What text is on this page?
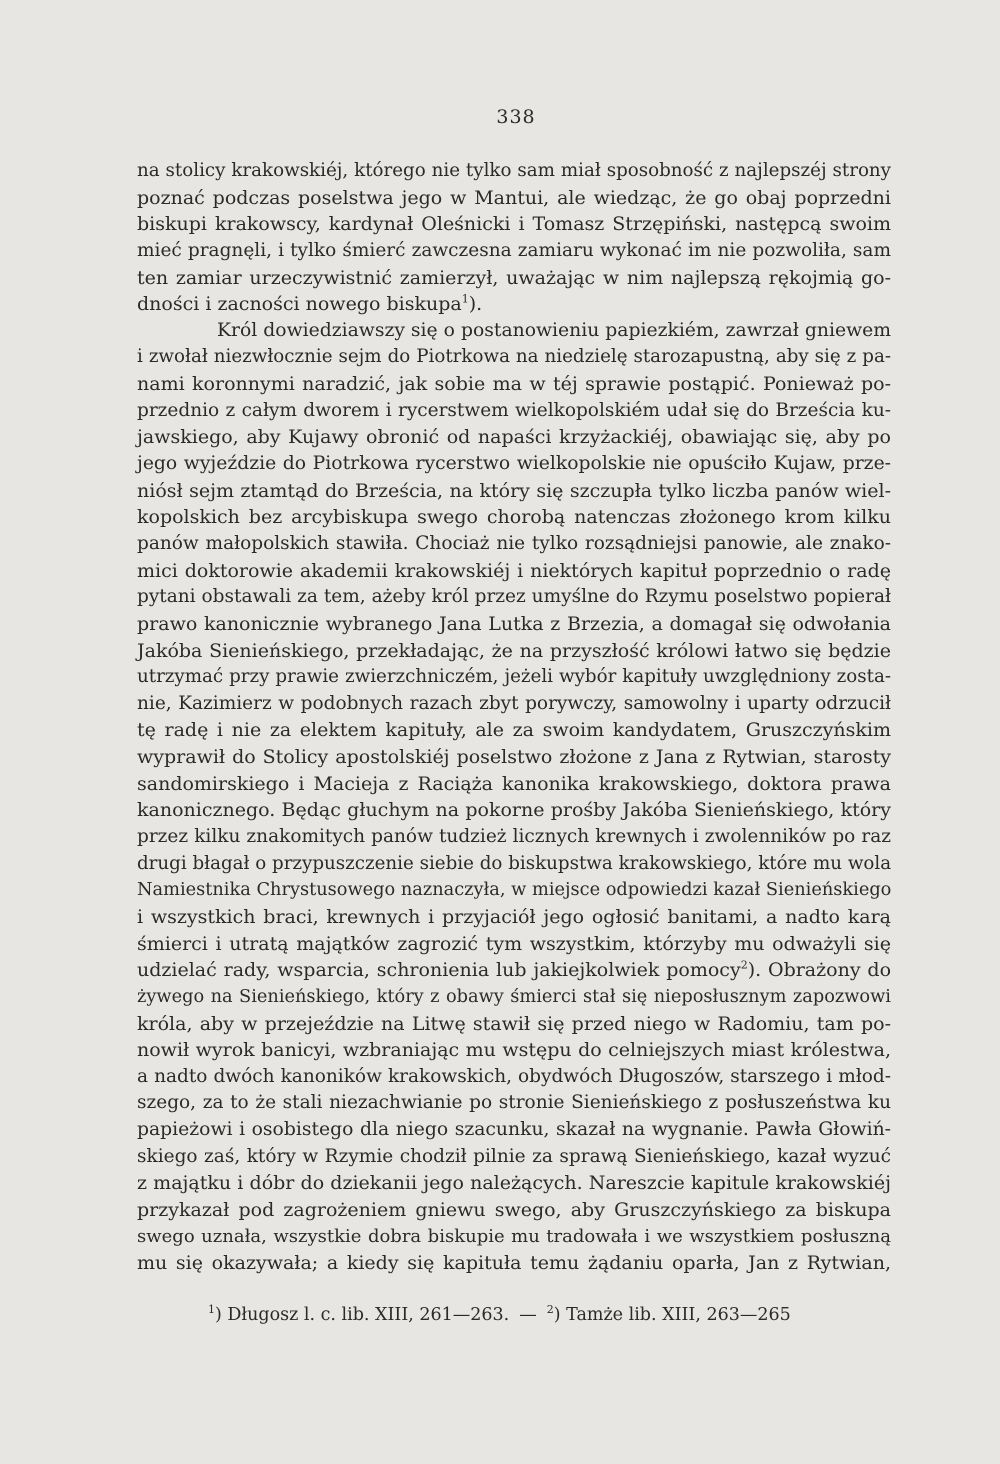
338
na stolicy krakowskiéj, którego nie tylko sam miał sposobność z najlepszéj strony
poznać podczas poselstwa jego w Mantui, ale wiedząc, że go obaj poprzedni
biskupi krakowscy, kardynał Oleśnicki i Tomasz Strzępiński, następcą swoim
mieć pragnęli, i tylko śmierć zawczesna zamiaru wykonać im nie pozwoliła, sam
ten zamiar urzeczywistnić zamierzył, uważając w nim najlepszą rękojmią go-
dności i zacności nowego biskupa$^1$).
Król dowiedziawszy się o postanowieniu papiezkiém, zawrzał gniewem
i zwołał niezwłocznie sejm do Piotrkowa na niedzielę starozapustną, aby się z pa-
nami koronnymi naradzić, jak sobie ma w téj sprawie postąpić. Ponieważ po-
przednio z całym dworem i rycerstwem wielkopolskiém udał się do Brześcia ku-
jawskiego, aby Kujawy obronić od napaści krzyżackiéj, obawiając się, aby po
jego wyjeździe do Piotrkowa rycerstwo wielkopolskie nie opuściło Kujaw, prze-
niósł sejm ztamtąd do Brześcia, na który się szczupła tylko liczba panów wiel-
kopolskich bez arcybiskupa swego chorobą natenczas złożonego krom kilku
panów małopolskich stawiła. Chociaż nie tylko rozsądniejsi panowie, ale znako-
mici doktorowie akademii krakowskiéj i niektórych kapituł poprzednio o radę
pytani obstawali za tem, ażeby król przez umyślne do Rzymu poselstwo popierał
prawo kanonicznie wybranego Jana Lutka z Brzezia, a domagał się odwołania
Jakóba Sienieńskiego, przekładając, że na przyszłość królowi łatwo się będzie
utrzymać przy prawie zwierzchniczém, jeżeli wybór kapituły uwzględniony zosta-
nie, Kazimierz w podobnych razach zbyt porywczy, samowolny i uparty odrzucił
tę radę i nie za elektem kapituły, ale za swoim kandydatem, Gruszczyńskim
wyprawił do Stolicy apostolskiéj poselstwo złożone z Jana z Rytwian, starosty
sandomirskiego i Macieja z Raciąża kanonika krakowskiego, doktora prawa
kanonicznego. Będąc głuchym na pokorne prośby Jakóba Sienieńskiego, który
przez kilku znakomitych panów tudzież licznych krewnych i zwolenników po raz
drugi błagał o przypuszczenie siebie do biskupstwa krakowskiego, które mu wola
Namiestnika Chrystusowego naznaczyła, w miejsce odpowiedzi kazał Sienieńskiego
i wszystkich braci, krewnych i przyjaciół jego ogłosić banitami, a nadto karą
śmierci i utratą majątków zagrozić tym wszystkim, którzyby mu odważyli się
udzielać rady, wsparcia, schronienia lub jakiejkolwiek pomocy$^2$). Obrażony do
żywego na Sienieńskiego, który z obawy śmierci stał się nieposłusznym zapozwowi
króla, aby w przejeździe na Litwę stawił się przed niego w Radomiu, tam po-
nowił wyrok banicyi, wzbraniając mu wstępu do celniejszych miast królestwa,
a nadto dwóch kanoników krakowskich, obydwóch Długoszów, starszego i młod-
szego, za to że stali niezachwianie po stronie Sienieńskiego z posłuszeństwa ku
papieżowi i osobistego dla niego szacunku, skazał na wygnanie. Pawła Głowiń-
skiego zaś, który w Rzymie chodził pilnie za sprawą Sienieńskiego, kazał wyzuć
z majątku i dóbr do dziekanii jego należących. Nareszcie kapitule krakowskiéj
przykazał pod zagrożeniem gniewu swego, aby Gruszczyńskiego za biskupa
swego uznała, wszystkie dobra biskupie mu tradowała i we wszystkiem posłuszną
mu się okazywała; a kiedy się kapituła temu żądaniu oparła, Jan z Rytwian,
$^1$) Długosz l. c. lib. XIII, 261—263. — $^2$) Tamże lib. XIII, 263—265
